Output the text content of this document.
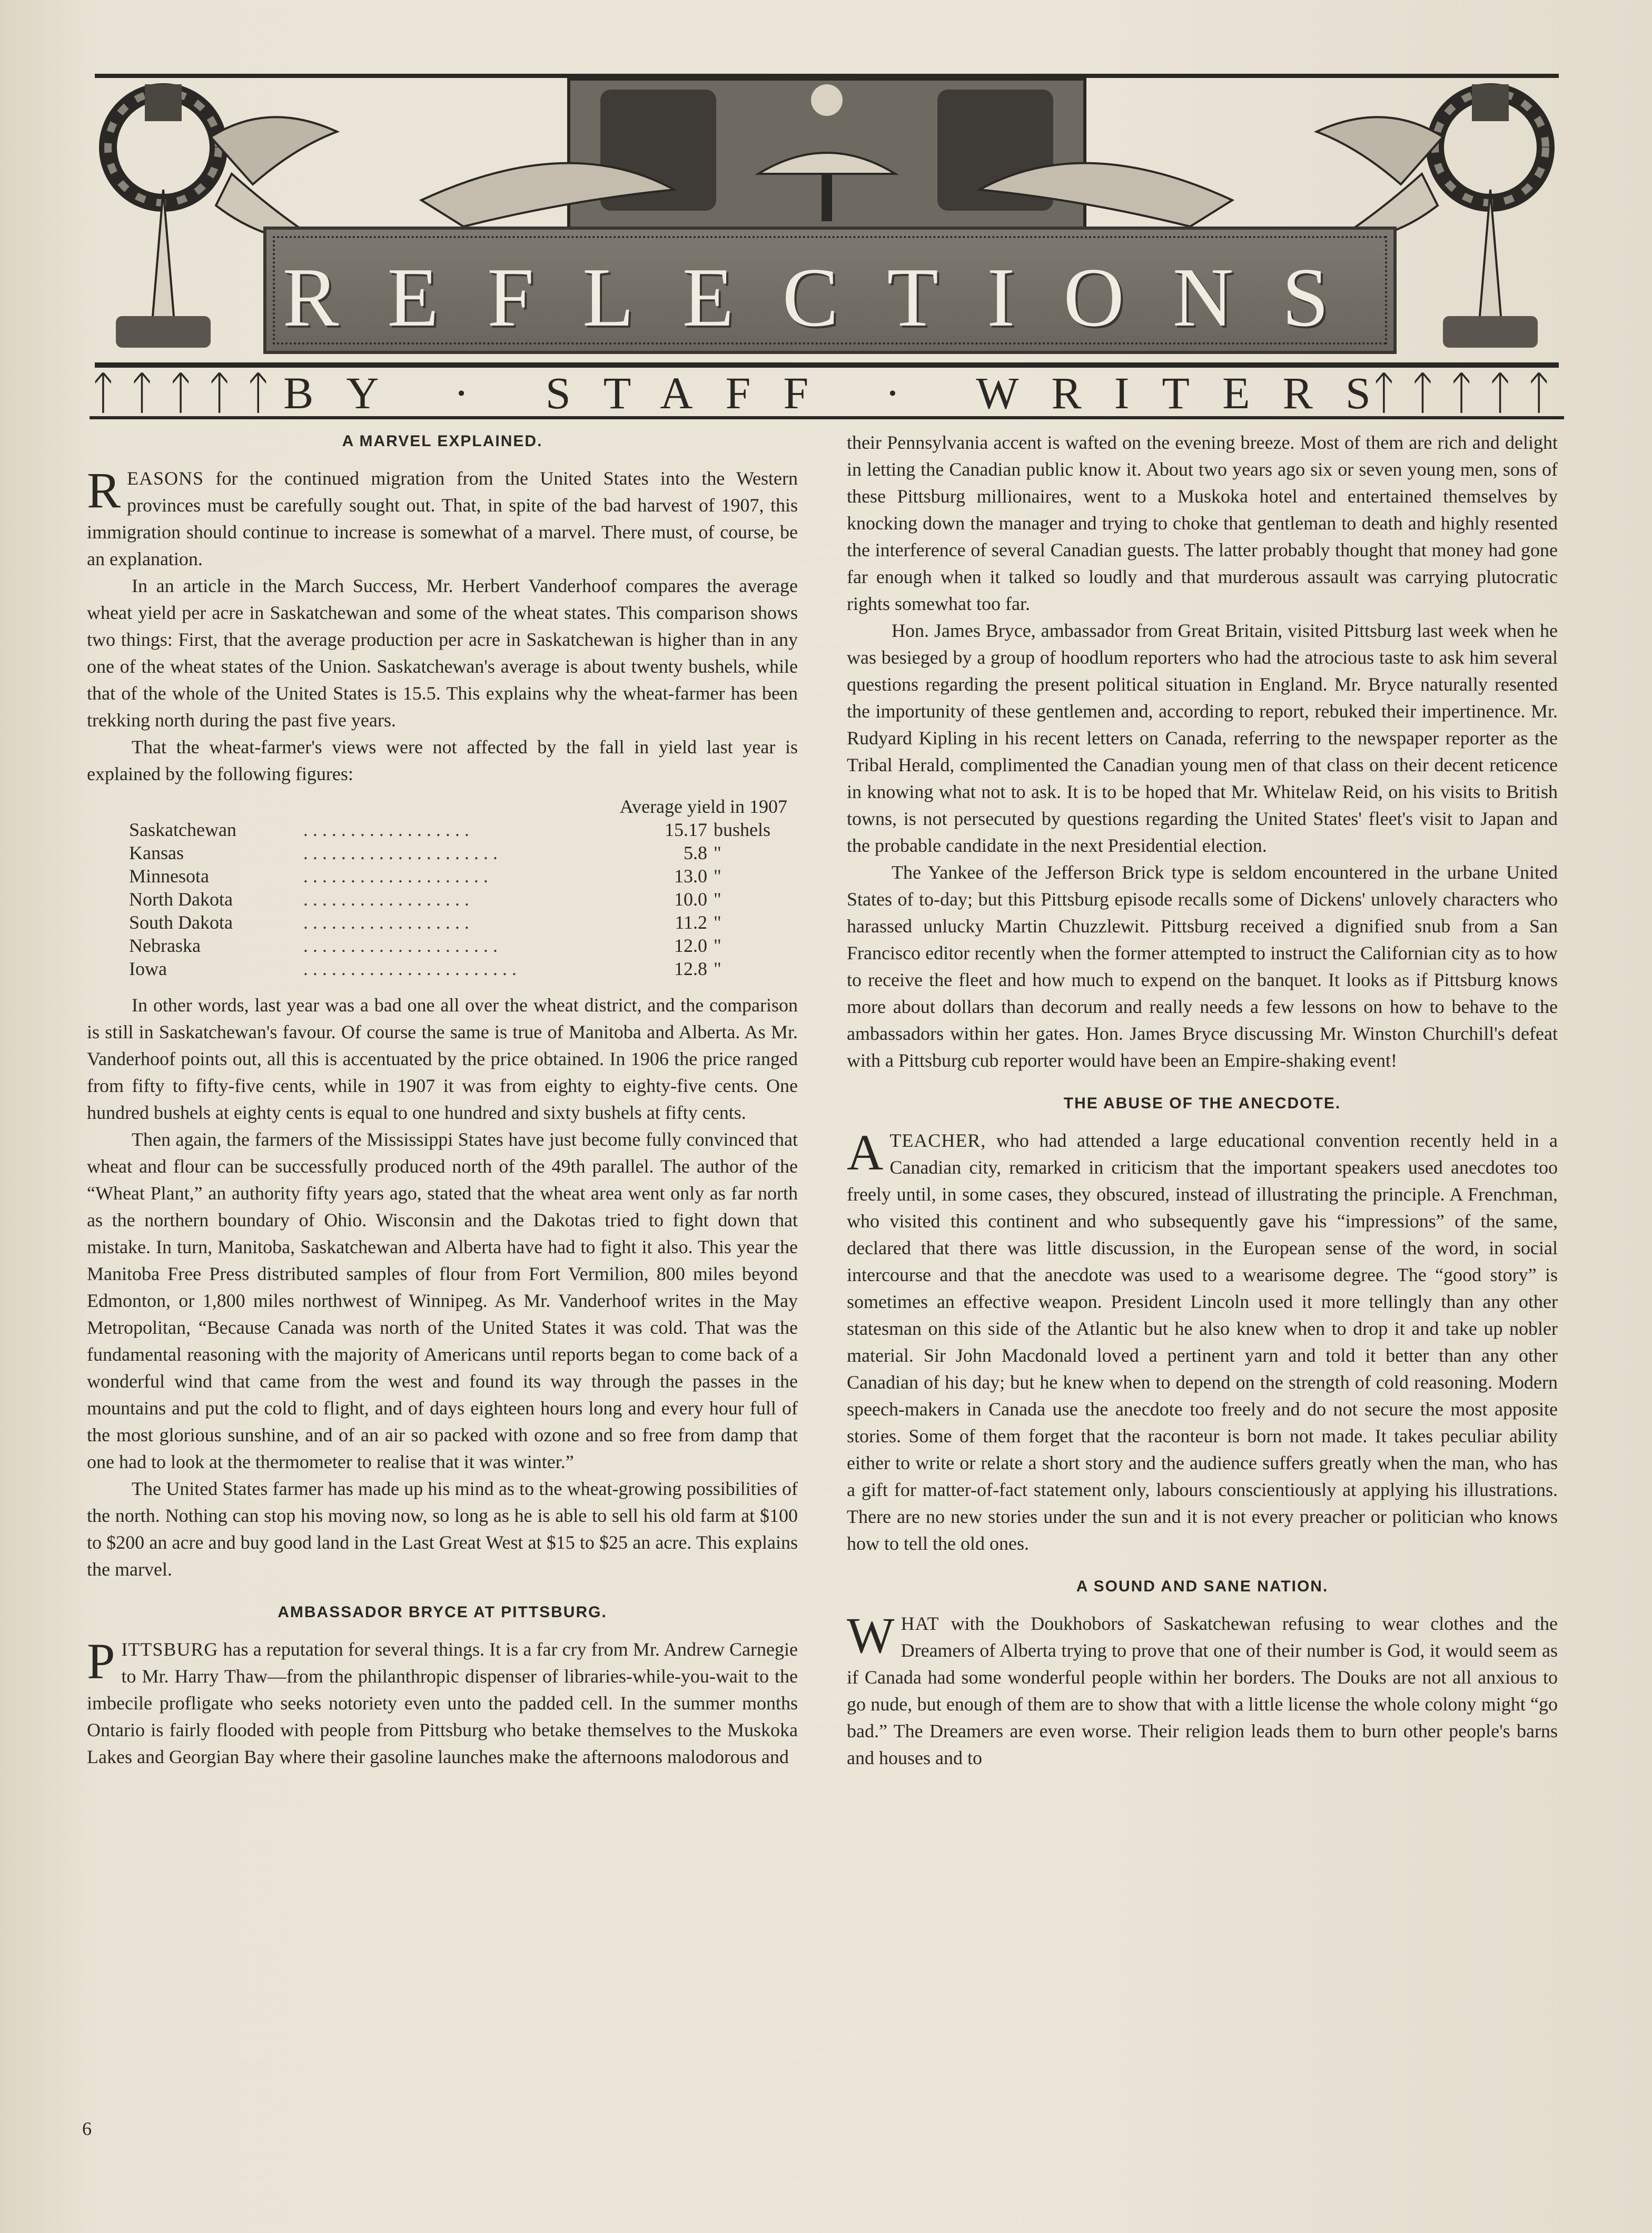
REFLECTIONS
ᛏᛏᛏᛏᛏ	ᛏᛏᛏᛏᛏ
BY · STAFF · WRITERS
A MARVEL EXPLAINED.

REASONS for the continued migration from the United States into the Western provinces must be carefully sought out. That, in spite of the bad harvest of 1907, this immigration should continue to increase is somewhat of a marvel. There must, of course, be an explanation.

In an article in the March Success, Mr. Herbert Vanderhoof compares the average wheat yield per acre in Saskatchewan and some of the wheat states. This comparison shows two things: First, that the average production per acre in Saskatchewan is higher than in any one of the wheat states of the Union. Saskatchewan's average is about twenty bushels, while that of the whole of the United States is 15.5. This explains why the wheat-farmer has been trekking north during the past five years.

That the wheat-farmer's views were not affected by the fall in yield last year is explained by the following figures:

Average yield in 1907			
Saskatchewan	. . . . . . . . . . . . . . . . . .	15.17	bushels
Kansas	. . . . . . . . . . . . . . . . . . . . .	5.8	"
Minnesota	. . . . . . . . . . . . . . . . . . . .	13.0	"
North Dakota	. . . . . . . . . . . . . . . . . .	10.0	"
South Dakota	. . . . . . . . . . . . . . . . . .	11.2	"
Nebraska	. . . . . . . . . . . . . . . . . . . . .	12.0	"
Iowa	. . . . . . . . . . . . . . . . . . . . . . .	12.8	"

In other words, last year was a bad one all over the wheat district, and the comparison is still in Saskatchewan's favour. Of course the same is true of Manitoba and Alberta. As Mr. Vanderhoof points out, all this is accentuated by the price obtained. In 1906 the price ranged from fifty to fifty-five cents, while in 1907 it was from eighty to eighty-five cents. One hundred bushels at eighty cents is equal to one hundred and sixty bushels at fifty cents.

Then again, the farmers of the Mississippi States have just become fully convinced that wheat and flour can be successfully produced north of the 49th parallel. The author of the “Wheat Plant,” an authority fifty years ago, stated that the wheat area went only as far north as the northern boundary of Ohio. Wisconsin and the Dakotas tried to fight down that mistake. In turn, Manitoba, Saskatchewan and Alberta have had to fight it also. This year the Manitoba Free Press distributed samples of flour from Fort Vermilion, 800 miles beyond Edmonton, or 1,800 miles northwest of Winnipeg. As Mr. Vanderhoof writes in the May Metropolitan, “Because Canada was north of the United States it was cold. That was the fundamental reasoning with the majority of Americans until reports began to come back of a wonderful wind that came from the west and found its way through the passes in the mountains and put the cold to flight, and of days eighteen hours long and every hour full of the most glorious sunshine, and of an air so packed with ozone and so free from damp that one had to look at the thermometer to realise that it was winter.”

The United States farmer has made up his mind as to the wheat-growing possibilities of the north. Nothing can stop his moving now, so long as he is able to sell his old farm at $100 to $200 an acre and buy good land in the Last Great West at $15 to $25 an acre. This explains the marvel.

AMBASSADOR BRYCE AT PITTSBURG.

PITTSBURG has a reputation for several things. It is a far cry from Mr. Andrew Carnegie to Mr. Harry Thaw—from the philanthropic dispenser of libraries-while-you-wait to the imbecile profligate who seeks notoriety even unto the padded cell. In the summer months Ontario is fairly flooded with people from Pittsburg who betake themselves to the Muskoka Lakes and Georgian Bay where their gasoline launches make the afternoons malodorous and

their Pennsylvania accent is wafted on the evening breeze. Most of them are rich and delight in letting the Canadian public know it. About two years ago six or seven young men, sons of these Pittsburg millionaires, went to a Muskoka hotel and entertained themselves by knocking down the manager and trying to choke that gentleman to death and highly resented the interference of several Canadian guests. The latter probably thought that money had gone far enough when it talked so loudly and that murderous assault was carrying plutocratic rights somewhat too far.

Hon. James Bryce, ambassador from Great Britain, visited Pittsburg last week when he was besieged by a group of hoodlum reporters who had the atrocious taste to ask him several questions regarding the present political situation in England. Mr. Bryce naturally resented the importunity of these gentlemen and, according to report, rebuked their impertinence. Mr. Rudyard Kipling in his recent letters on Canada, referring to the newspaper reporter as the Tribal Herald, complimented the Canadian young men of that class on their decent reticence in knowing what not to ask. It is to be hoped that Mr. Whitelaw Reid, on his visits to British towns, is not persecuted by questions regarding the United States' fleet's visit to Japan and the probable candidate in the next Presidential election.

The Yankee of the Jefferson Brick type is seldom encountered in the urbane United States of to-day; but this Pittsburg episode recalls some of Dickens' unlovely characters who harassed unlucky Martin Chuzzlewit. Pittsburg received a dignified snub from a San Francisco editor recently when the former attempted to instruct the Californian city as to how to receive the fleet and how much to expend on the banquet. It looks as if Pittsburg knows more about dollars than decorum and really needs a few lessons on how to behave to the ambassadors within her gates. Hon. James Bryce discussing Mr. Winston Churchill's defeat with a Pittsburg cub reporter would have been an Empire-shaking event!

THE ABUSE OF THE ANECDOTE.

ATEACHER, who had attended a large educational convention recently held in a Canadian city, remarked in criticism that the important speakers used anecdotes too freely until, in some cases, they obscured, instead of illustrating the principle. A Frenchman, who visited this continent and who subsequently gave his “impressions” of the same, declared that there was little discussion, in the European sense of the word, in social intercourse and that the anecdote was used to a wearisome degree. The “good story” is sometimes an effective weapon. President Lincoln used it more tellingly than any other statesman on this side of the Atlantic but he also knew when to drop it and take up nobler material. Sir John Macdonald loved a pertinent yarn and told it better than any other Canadian of his day; but he knew when to depend on the strength of cold reasoning. Modern speech-makers in Canada use the anecdote too freely and do not secure the most apposite stories. Some of them forget that the raconteur is born not made. It takes peculiar ability either to write or relate a short story and the audience suffers greatly when the man, who has a gift for matter-of-fact statement only, labours conscientiously at applying his illustrations. There are no new stories under the sun and it is not every preacher or politician who knows how to tell the old ones.

A SOUND AND SANE NATION.

WHAT with the Doukhobors of Saskatchewan refusing to wear clothes and the Dreamers of Alberta trying to prove that one of their number is God, it would seem as if Canada had some wonderful people within her borders. The Douks are not all anxious to go nude, but enough of them are to show that with a little license the whole colony might “go bad.” The Dreamers are even worse. Their religion leads them to burn other people's barns and houses and to

6
